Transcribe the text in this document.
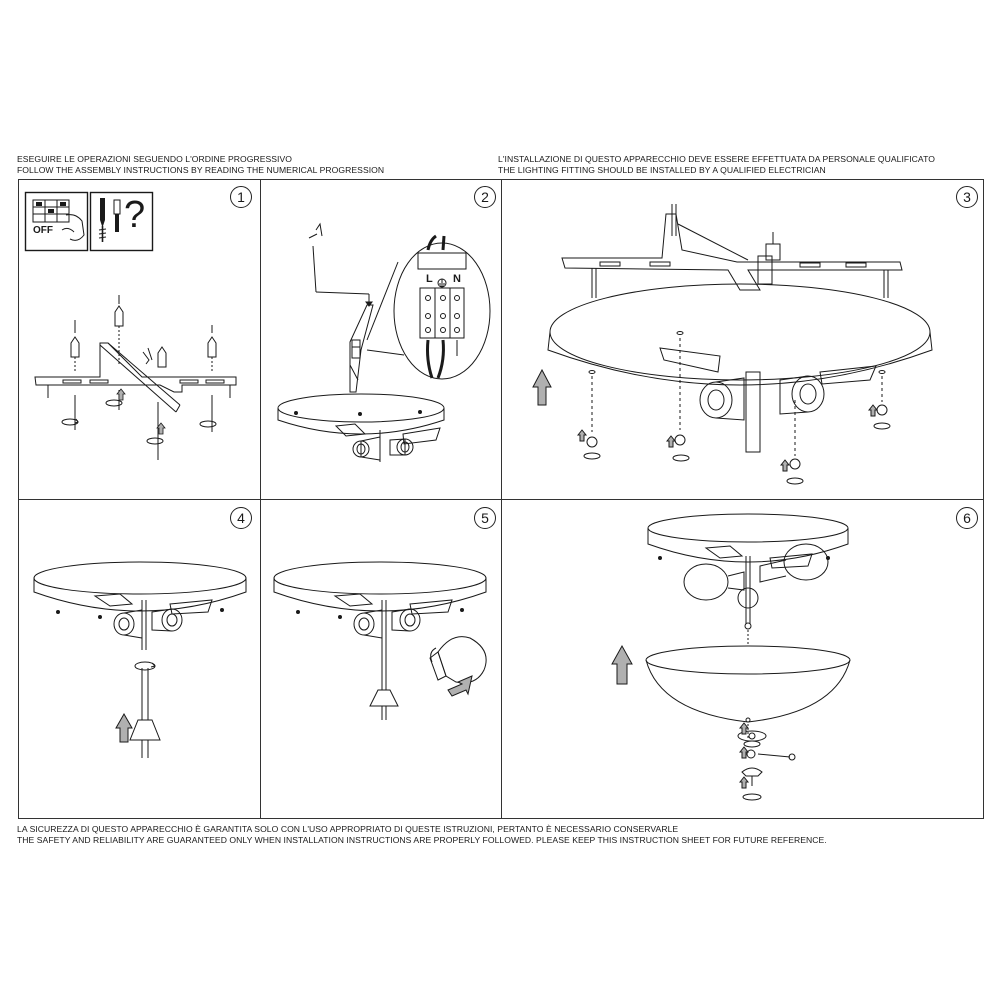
ESEGUIRE LE OPERAZIONI SEGUENDO L'ORDINE PROGRESSIVO
FOLLOW THE ASSEMBLY INSTRUCTIONS BY READING THE NUMERICAL PROGRESSION
L'INSTALLAZIONE DI QUESTO APPARECCHIO DEVE ESSERE EFFETTUATA DA PERSONALE QUALIFICATO
THE LIGHTING FITTING SHOULD BE INSTALLED BY A QUALIFIED ELECTRICIAN
1	2	3
4	5	6
OFF ?
L N
LA SICUREZZA DI QUESTO APPARECCHIO È GARANTITA SOLO CON L'USO APPROPRIATO DI QUESTE ISTRUZIONI, PERTANTO È NECESSARIO CONSERVARLE
THE SAFETY AND RELIABILITY ARE GUARANTEED ONLY WHEN INSTALLATION INSTRUCTIONS ARE PROPERLY FOLLOWED. PLEASE KEEP THIS INSTRUCTION SHEET FOR FUTURE REFERENCE.
